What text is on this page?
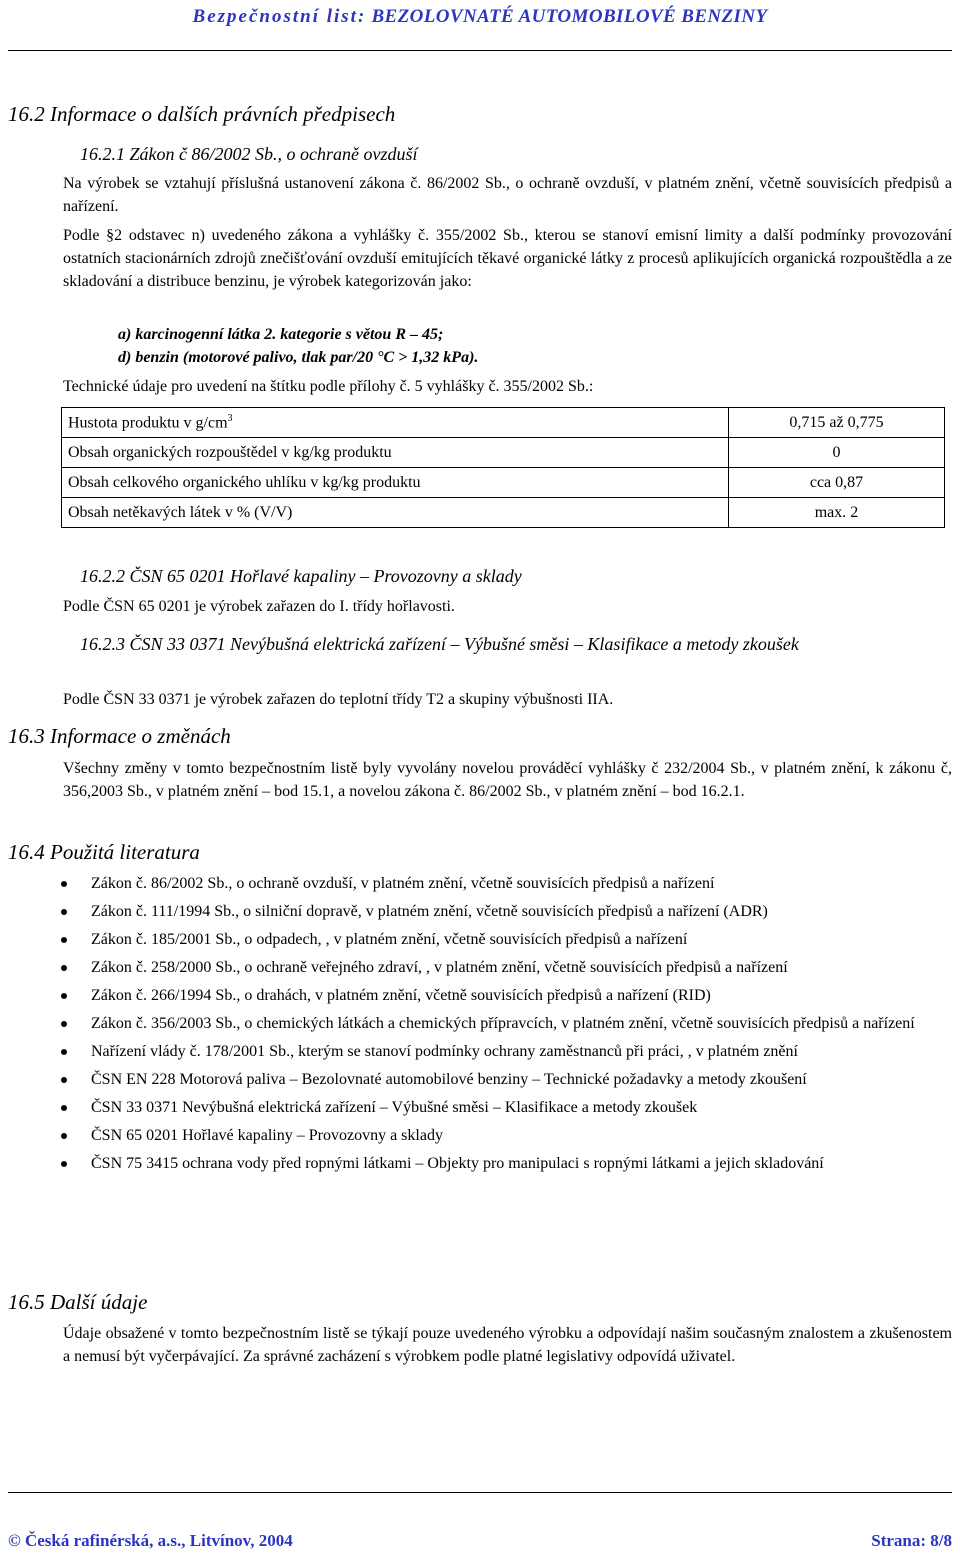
Bezpečnostní list: BEZOLOVNATÉ AUTOMOBILOVÉ BENZINY
16.2 Informace o dalších právních předpisech
16.2.1 Zákon č 86/2002 Sb., o ochraně ovzduší
Na výrobek se vztahují příslušná ustanovení zákona č. 86/2002 Sb., o ochraně ovzduší, v platném znění, včetně souvisících předpisů a nařízení.
Podle §2 odstavec n) uvedeného zákona a vyhlášky č. 355/2002 Sb., kterou se stanoví emisní limity a další podmínky provozování ostatních stacionárních zdrojů znečišťování ovzduší emitujících těkavé organické látky z procesů aplikujících organická rozpouštědla a ze skladování a distribuce benzinu, je výrobek kategorizován jako:
a) karcinogenní látka 2. kategorie s větou R – 45;
d) benzin (motorové palivo, tlak par/20 °C > 1,32 kPa).
Technické údaje pro uvedení na štítku podle přílohy č. 5 vyhlášky č. 355/2002 Sb.:
Hustota produktu v $g/cm^3$	0,715 až 0,775
Obsah organických rozpouštědel v kg/kg produktu	0
Obsah celkového organického uhlíku v kg/kg produktu	cca 0,87
Obsah netěkavých látek v % (V/V)	max. 2
16.2.2 ČSN 65 0201 Hořlavé kapaliny – Provozovny a sklady
Podle ČSN 65 0201 je výrobek zařazen do I. třídy hořlavosti.
16.2.3 ČSN 33 0371 Nevýbušná elektrická zařízení – Výbušné směsi – Klasifikace a metody zkoušek
Podle ČSN 33 0371 je výrobek zařazen do teplotní třídy T2 a skupiny výbušnosti IIA.
16.3 Informace o změnách
Všechny změny v tomto bezpečnostním listě byly vyvolány novelou prováděcí vyhlášky č 232/2004 Sb., v platném znění, k zákonu č, 356,2003 Sb., v platném znění – bod 15.1, a novelou zákona č. 86/2002 Sb., v platném znění – bod 16.2.1.
16.4 Použitá literatura
Zákon č. 86/2002 Sb., o ochraně ovzduší, v platném znění, včetně souvisících předpisů a nařízení
Zákon č. 111/1994 Sb., o silniční dopravě, v platném znění, včetně souvisících předpisů a nařízení (ADR)
Zákon č. 185/2001 Sb., o odpadech, , v platném znění, včetně souvisících předpisů a nařízení
Zákon č. 258/2000 Sb., o ochraně veřejného zdraví, , v platném znění, včetně souvisících předpisů a nařízení
Zákon č. 266/1994 Sb., o drahách, v platném znění, včetně souvisících předpisů a nařízení (RID)
Zákon č. 356/2003 Sb., o chemických látkách a chemických přípravcích, v platném znění, včetně souvisících předpisů a nařízení
Nařízení vlády č. 178/2001 Sb., kterým se stanoví podmínky ochrany zaměstnanců při práci, , v platném znění
ČSN EN 228 Motorová paliva – Bezolovnaté automobilové benziny – Technické požadavky a metody zkoušení
ČSN 33 0371 Nevýbušná elektrická zařízení – Výbušné směsi – Klasifikace a metody zkoušek
ČSN 65 0201 Hořlavé kapaliny – Provozovny a sklady
ČSN 75 3415 ochrana vody před ropnými látkami – Objekty pro manipulaci s ropnými látkami a jejich skladování
16.5 Další údaje
Údaje obsažené v tomto bezpečnostním listě se týkají pouze uvedeného výrobku a odpovídají našim současným znalostem a zkušenostem a nemusí být vyčerpávající. Za správné zacházení s výrobkem podle platné legislativy odpovídá uživatel.
© Česká rafinérská, a.s., Litvínov, 2004	Strana: 8/8
